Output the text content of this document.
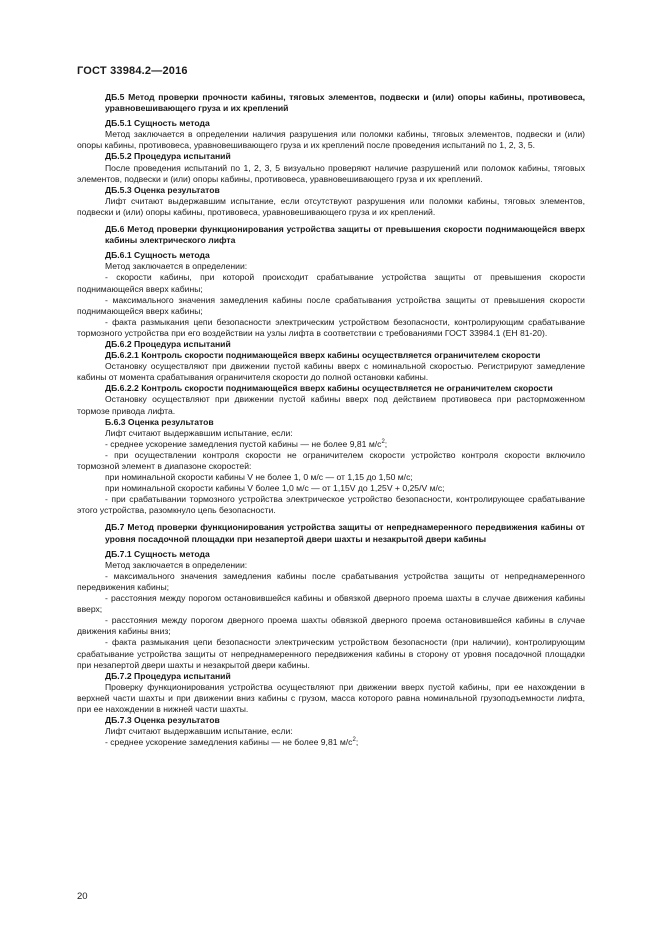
ГОСТ 33984.2—2016

ДБ.5 Метод проверки прочности кабины, тяговых элементов, подвески и (или) опоры кабины, противовеса, уравновешивающего груза и их креплений

ДБ.5.1 Сущность метода

Метод заключается в определении наличия разрушения или поломки кабины, тяговых элементов, подвески и (или) опоры кабины, противовеса, уравновешивающего груза и их креплений после проведения испытаний по 1, 2, 3, 5.

ДБ.5.2 Процедура испытаний

После проведения испытаний по 1, 2, 3, 5 визуально проверяют наличие разрушений или поломок кабины, тяговых элементов, подвески и (или) опоры кабины, противовеса, уравновешивающего груза и их креплений.

ДБ.5.3 Оценка результатов

Лифт считают выдержавшим испытание, если отсутствуют разрушения или поломки кабины, тяговых элементов, подвески и (или) опоры кабины, противовеса, уравновешивающего груза и их креплений.

ДБ.6 Метод проверки функционирования устройства защиты от превышения скорости поднимающейся вверх кабины электрического лифта

ДБ.6.1 Сущность метода

Метод заключается в определении:

- скорости кабины, при которой происходит срабатывание устройства защиты от превышения скорости поднимающейся вверх кабины;

- максимального значения замедления кабины после срабатывания устройства защиты от превышения скорости поднимающейся вверх кабины;

- факта размыкания цепи безопасности электрическим устройством безопасности, контролирующим срабатывание тормозного устройства при его воздействии на узлы лифта в соответствии с требованиями ГОСТ 33984.1 (ЕН 81-20).

ДБ.6.2 Процедура испытаний

ДБ.6.2.1 Контроль скорости поднимающейся вверх кабины осуществляется ограничителем скорости

Остановку осуществляют при движении пустой кабины вверх с номинальной скоростью. Регистрируют замедление кабины от момента срабатывания ограничителя скорости до полной остановки кабины.

ДБ.6.2.2 Контроль скорости поднимающейся вверх кабины осуществляется не ограничителем скорости

Остановку осуществляют при движении пустой кабины вверх под действием противовеса при расторможенном тормозе привода лифта.

Б.6.3 Оценка результатов

Лифт считают выдержавшим испытание, если:

- среднее ускорение замедления пустой кабины — не более 9,81 $м/с^2$;

- при осуществлении контроля скорости не ограничителем скорости устройство контроля скорости включило тормозной элемент в диапазоне скоростей:

при номинальной скорости кабины V не более 1, 0 м/с — от 1,15 до 1,50 м/с;

при номинальной скорости кабины V более 1,0 м/с — от 1,15V до 1,25V + 0,25/V м/с;

- при срабатывании тормозного устройства электрическое устройство безопасности, контролирующее срабатывание этого устройства, разомкнуло цепь безопасности.

ДБ.7 Метод проверки функционирования устройства защиты от непреднамеренного передвижения кабины от уровня посадочной площадки при незапертой двери шахты и незакрытой двери кабины

ДБ.7.1 Сущность метода

Метод заключается в определении:

- максимального значения замедления кабины после срабатывания устройства защиты от непреднамеренного передвижения кабины;

- расстояния между порогом остановившейся кабины и обвязкой дверного проема шахты в случае движения кабины вверх;

- расстояния между порогом дверного проема шахты обвязкой дверного проема остановившейся кабины в случае движения кабины вниз;

- факта размыкания цепи безопасности электрическим устройством безопасности (при наличии), контролирующим срабатывание устройства защиты от непреднамеренного передвижения кабины в сторону от уровня посадочной площадки при незапертой двери шахты и незакрытой двери кабины.

ДБ.7.2 Процедура испытаний

Проверку функционирования устройства осуществляют при движении вверх пустой кабины, при ее нахождении в верхней части шахты и при движении вниз кабины с грузом, масса которого равна номинальной грузоподъемности лифта, при ее нахождении в нижней части шахты.

ДБ.7.3 Оценка результатов

Лифт считают выдержавшим испытание, если:

- среднее ускорение замедления кабины — не более 9,81 $м/с^2$;

20
